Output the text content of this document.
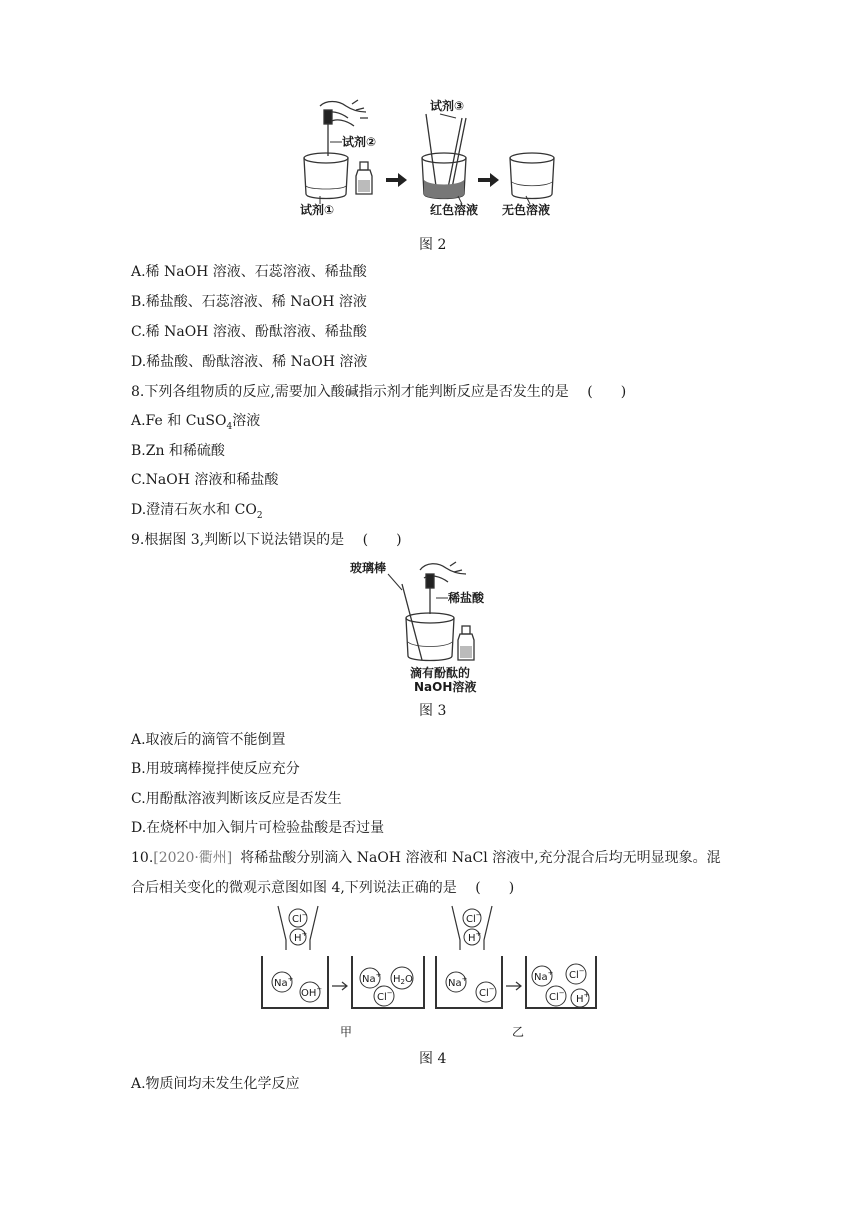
试剂②
试剂①
试剂③
红色溶液 无色溶液
图 2
A.稀 NaOH 溶液、石蕊溶液、稀盐酸
B.稀盐酸、石蕊溶液、稀 NaOH 溶液
C.稀 NaOH 溶液、酚酞溶液、稀盐酸
D.稀盐酸、酚酞溶液、稀 NaOH 溶液
8.下列各组物质的反应,需要加入酸碱指示剂才能判断反应是否发生的是 (　　)
A.Fe 和 CuSO$_4$溶液
B.Zn 和稀硫酸
C.NaOH 溶液和稀盐酸
D.澄清石灰水和 $CO_2$
9.根据图 3,判断以下说法错误的是 (　　)
玻璃棒
稀盐酸
滴有酚酞的
NaOH溶液
图 3
A.取液后的滴管不能倒置
B.用玻璃棒搅拌使反应充分
C.用酚酞溶液判断该反应是否发生
D.在烧杯中加入铜片可检验盐酸是否过量
10.[2020·衢州] 将稀盐酸分别滴入 NaOH 溶液和 NaCl 溶液中,充分混合后均无明显现象。混
合后相关变化的微观示意图如图 4,下列说法正确的是 (　　)
Cl−
H+
Na+
OH−
Na+ $H_2O$
Cl−
甲
Cl−
H+
Na+
Cl−
Na+ Cl−
Cl−
H+
乙
图 4
A.物质间均未发生化学反应
